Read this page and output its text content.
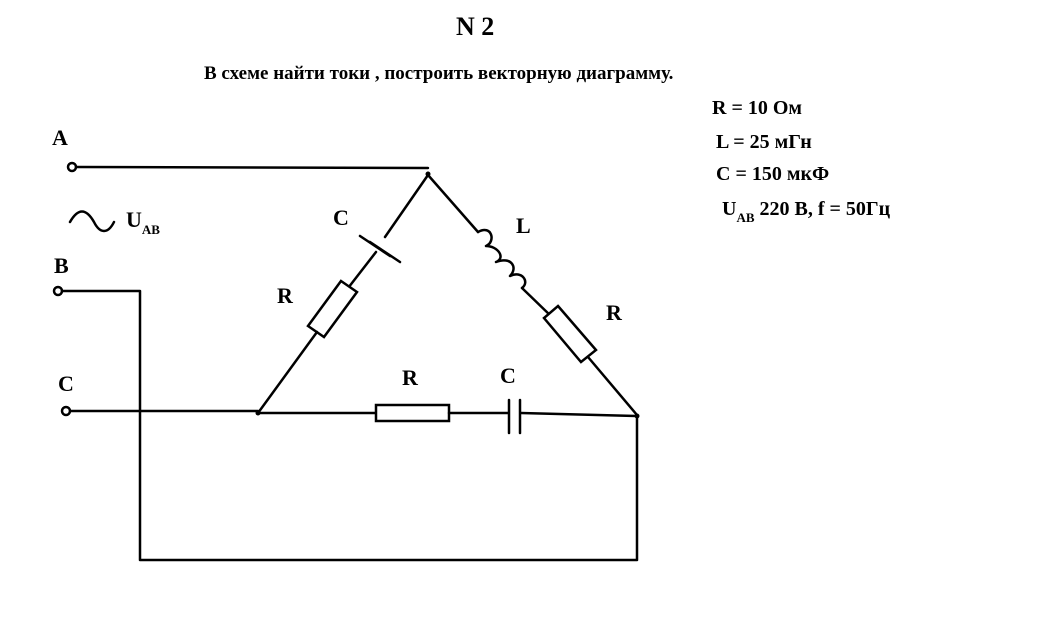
N 2
В схеме найти токи , построить векторную диаграмму.
R = 10 Ом
L = 25 мГн
C = 150 мкФ
$U_{AB}$ 220 В, f = 50Гц
A
B
C
$U_{AB}$	C
R
L
R
R	C
